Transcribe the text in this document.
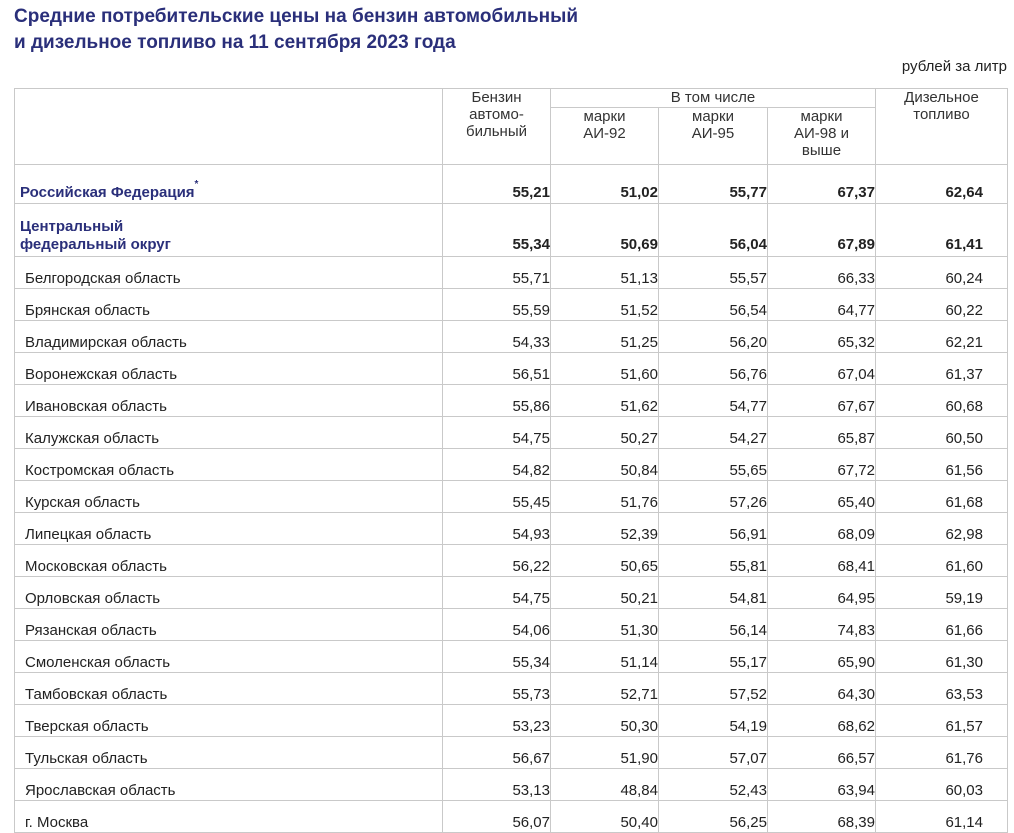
Средние потребительские цены на бензин автомобильный
и дизельное топливо на 11 сентября 2023 года
рублей за литр
	Бензин автомо-бильный	В том числе			Дизельное топливо
		марки АИ-92	марки АИ-95	марки АИ-98 и выше	
Российская Федерация*	55,21	51,02	55,77	67,37	62,64
Центральный федеральный округ	55,34	50,69	56,04	67,89	61,41
Белгородская область	55,71	51,13	55,57	66,33	60,24
Брянская область	55,59	51,52	56,54	64,77	60,22
Владимирская область	54,33	51,25	56,20	65,32	62,21
Воронежская область	56,51	51,60	56,76	67,04	61,37
Ивановская область	55,86	51,62	54,77	67,67	60,68
Калужская область	54,75	50,27	54,27	65,87	60,50
Костромская область	54,82	50,84	55,65	67,72	61,56
Курская область	55,45	51,76	57,26	65,40	61,68
Липецкая область	54,93	52,39	56,91	68,09	62,98
Московская область	56,22	50,65	55,81	68,41	61,60
Орловская область	54,75	50,21	54,81	64,95	59,19
Рязанская область	54,06	51,30	56,14	74,83	61,66
Смоленская область	55,34	51,14	55,17	65,90	61,30
Тамбовская область	55,73	52,71	57,52	64,30	63,53
Тверская область	53,23	50,30	54,19	68,62	61,57
Тульская область	56,67	51,90	57,07	66,57	61,76
Ярославская область	53,13	48,84	52,43	63,94	60,03
г. Москва	56,07	50,40	56,25	68,39	61,14
